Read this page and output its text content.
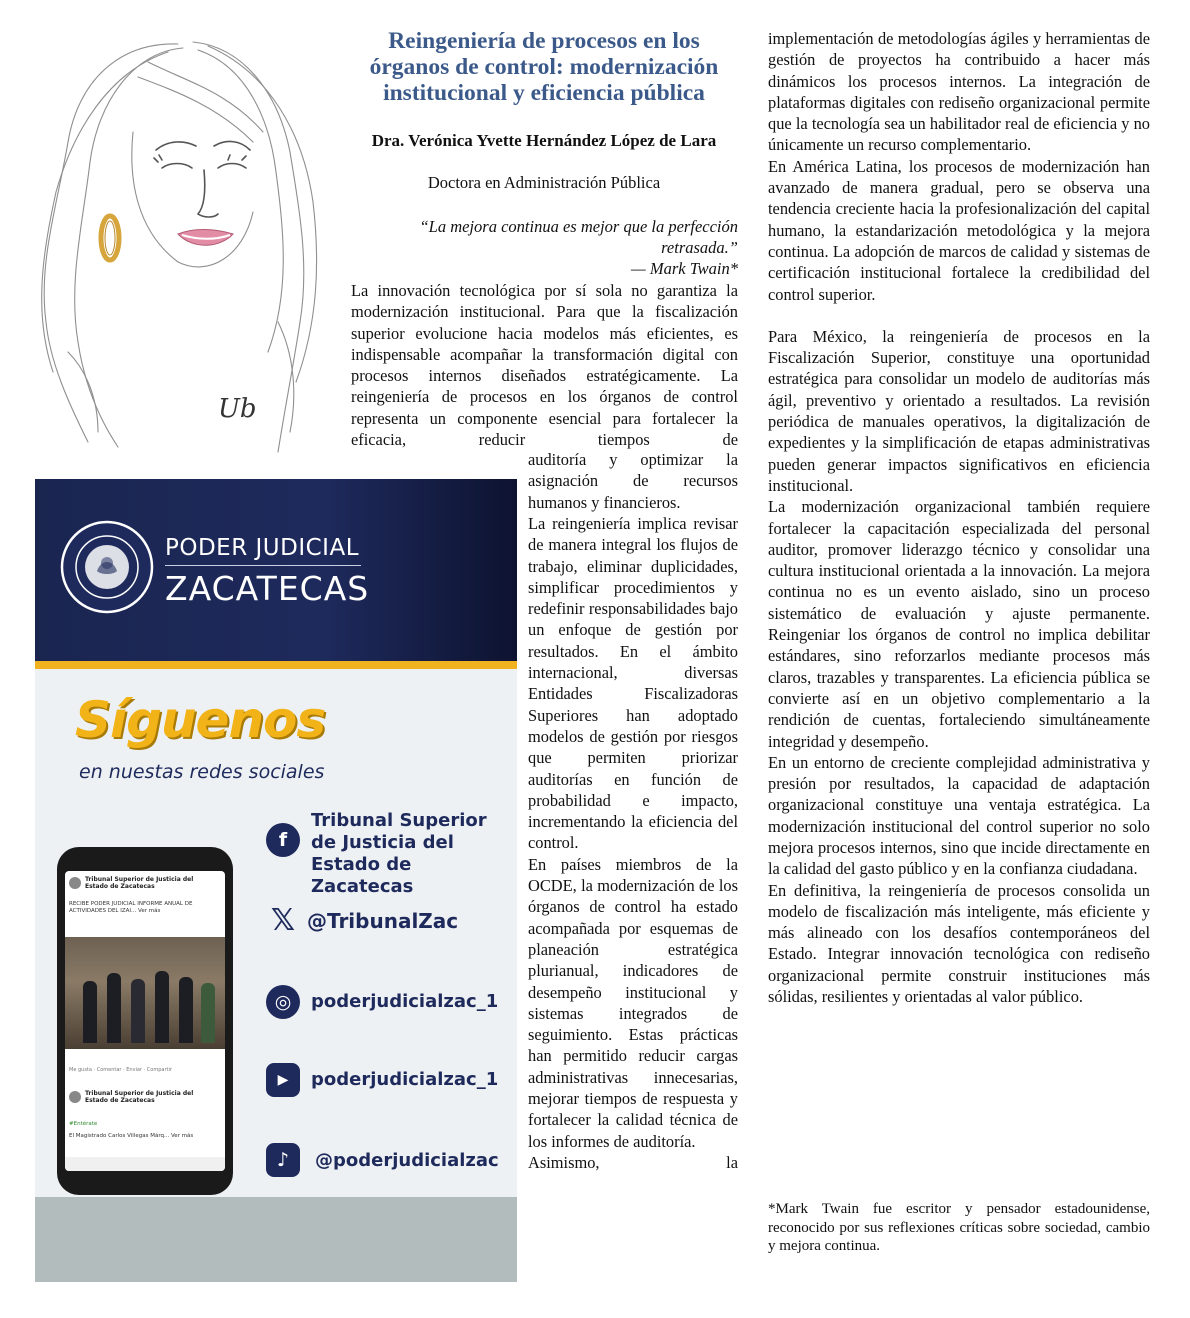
Ub
Reingeniería de procesos en los órganos de control: modernización institucional y eficiencia pública
Dra. Verónica Yvette Hernández López de Lara
Doctora en Administración Pública
“La mejora continua es mejor que la perfección retrasada.”
— Mark Twain*
La innovación tecnológica por sí sola no garantiza la modernización institucional. Para que la fiscalización superior evolucione hacia modelos más eficientes, es indispensable acompañar la transformación digital con procesos internos diseñados estratégicamente. La reingeniería de procesos en los órganos de control representa un componente esencial para fortalecer la eficacia, reducir tiempos de
auditoría y optimizar la asignación de recursos humanos y financieros.

La reingeniería implica revisar de manera integral los flujos de trabajo, eliminar duplicidades, simplificar procedimientos y redefinir responsabilidades bajo un enfoque de gestión por resultados. En el ámbito internacional, diversas Entidades Fiscalizadoras Superiores han adoptado modelos de gestión por riesgos que permiten priorizar auditorías en función de probabilidad e impacto, incrementando la eficiencia del control.

En países miembros de la OCDE, la modernización de los órganos de control ha estado acompañada por esquemas de planeación estratégica plurianual, indicadores de desempeño institucional y sistemas integrados de seguimiento. Estas prácticas han permitido reducir cargas administrativas innecesarias, mejorar tiempos de respuesta y fortalecer la calidad técnica de los informes de auditoría.

Asimismo, la

implementación de metodologías ágiles y herramientas de gestión de proyectos ha contribuido a hacer más dinámicos los procesos internos. La integración de plataformas digitales con rediseño organizacional permite que la tecnología sea un habilitador real de eficiencia y no únicamente un recurso complementario.

En América Latina, los procesos de modernización han avanzado de manera gradual, pero se observa una tendencia creciente hacia la profesionalización del capital humano, la estandarización metodológica y la mejora continua. La adopción de marcos de calidad y sistemas de certificación institucional fortalece la credibilidad del control superior.

Para México, la reingeniería de procesos en la Fiscalización Superior, constituye una oportunidad estratégica para consolidar un modelo de auditorías más ágil, preventivo y orientado a resultados. La revisión periódica de manuales operativos, la digitalización de expedientes y la simplificación de etapas administrativas pueden generar impactos significativos en eficiencia institucional.

La modernización organizacional también requiere fortalecer la capacitación especializada del personal auditor, promover liderazgo técnico y consolidar una cultura institucional orientada a la innovación. La mejora continua no es un evento aislado, sino un proceso sistemático de evaluación y ajuste permanente. Reingeniar los órganos de control no implica debilitar estándares, sino reforzarlos mediante procesos más claros, trazables y transparentes. La eficiencia pública se convierte así en un objetivo complementario a la rendición de cuentas, fortaleciendo simultáneamente integridad y desempeño.

En un entorno de creciente complejidad administrativa y presión por resultados, la capacidad de adaptación organizacional constituye una ventaja estratégica. La modernización institucional del control superior no solo mejora procesos internos, sino que incide directamente en la calidad del gasto público y en la confianza ciudadana.

En definitiva, la reingeniería de procesos consolida un modelo de fiscalización más inteligente, más eficiente y más alineado con los desafíos contemporáneos del Estado. Integrar innovación tecnológica con rediseño organizacional permite construir instituciones más sólidas, resilientes y orientadas al valor público.

*Mark Twain fue escritor y pensador estadounidense, reconocido por sus reflexiones críticas sobre sociedad, cambio y mejora continua.
PODER JUDICIAL
ZACATECAS
Síguenos
en nuestas redes sociales
Tribunal Superior de Justicia del Estado de Zacatecas
RECIBE PODER JUDICIAL INFORME ANUAL DE ACTIVIDADES DEL IZAI... Ver más
Me gusta · Comentar · Enviar · Compartir
Tribunal Superior de Justicia del Estado de Zacatecas
#Entérate
El Magistrado Carlos Villegas Márq... Ver más
f
Tribunal Superior de Justicia del Estado de Zacatecas
𝕏 @TribunalZac
◎	poderjudicialzac_1
▶	poderjudicialzac_1
♪	@poderjudicialzac
